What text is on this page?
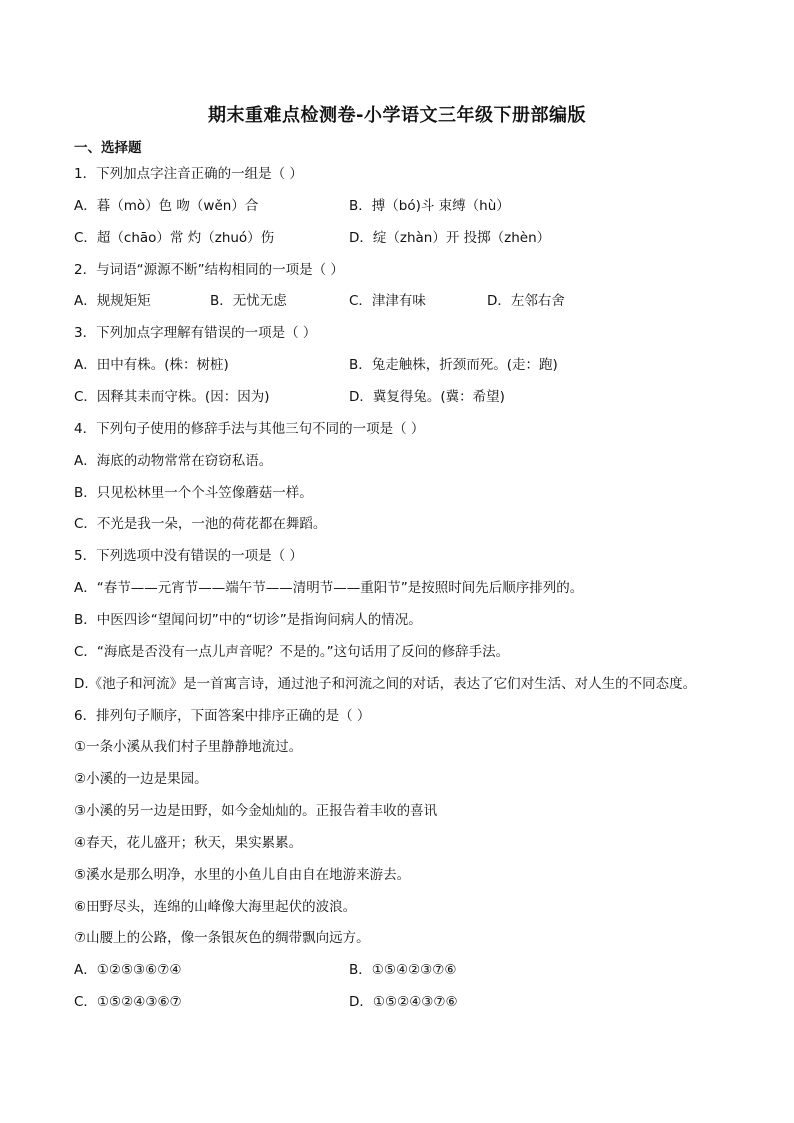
期末重难点检测卷-小学语文三年级下册部编版
一、选择题
1．下列加点字注音正确的一组是（ ）
A．暮（mò）色 吻（wěn）合	B．搏（bó)斗 束缚（hù）
C．超（chāo）常 灼（zhuó）伤	D．绽（zhàn）开 投掷（zhèn）
2．与词语“源源不断”结构相同的一项是（ ）
A．规规矩矩	B．无忧无虑	C．津津有味	D．左邻右舍
3．下列加点字理解有错误的一项是（ ）
A．田中有株。(株：树桩)	B．兔走触株，折颈而死。(走：跑)
C．因释其耒而守株。(因：因为)	D．冀复得兔。(冀：希望)
4．下列句子使用的修辞手法与其他三句不同的一项是（ ）
A．海底的动物常常在窃窃私语。
B．只见松林里一个个斗笠像蘑菇一样。
C．不光是我一朵，一池的荷花都在舞蹈。
5．下列选项中没有错误的一项是（ ）
A．“春节——元宵节——端午节——清明节——重阳节”是按照时间先后顺序排列的。
B．中医四诊“望闻问切”中的“切诊”是指询问病人的情况。
C．“海底是否没有一点儿声音呢？不是的。”这句话用了反问的修辞手法。
D.《池子和河流》是一首寓言诗，通过池子和河流之间的对话，表达了它们对生活、对人生的不同态度。
6．排列句子顺序，下面答案中排序正确的是（ ）
①一条小溪从我们村子里静静地流过。
②小溪的一边是果园。
③小溪的另一边是田野，如今金灿灿的。正报告着丰收的喜讯
④春天，花儿盛开；秋天，果实累累。
⑤溪水是那么明净，水里的小鱼儿自由自在地游来游去。
⑥田野尽头，连绵的山峰像大海里起伏的波浪。
⑦山腰上的公路，像一条银灰色的绸带飘向远方。
A．①②⑤③⑥⑦④	B．①⑤④②③⑦⑥
C．①⑤②④③⑥⑦	D．①⑤②④③⑦⑥
